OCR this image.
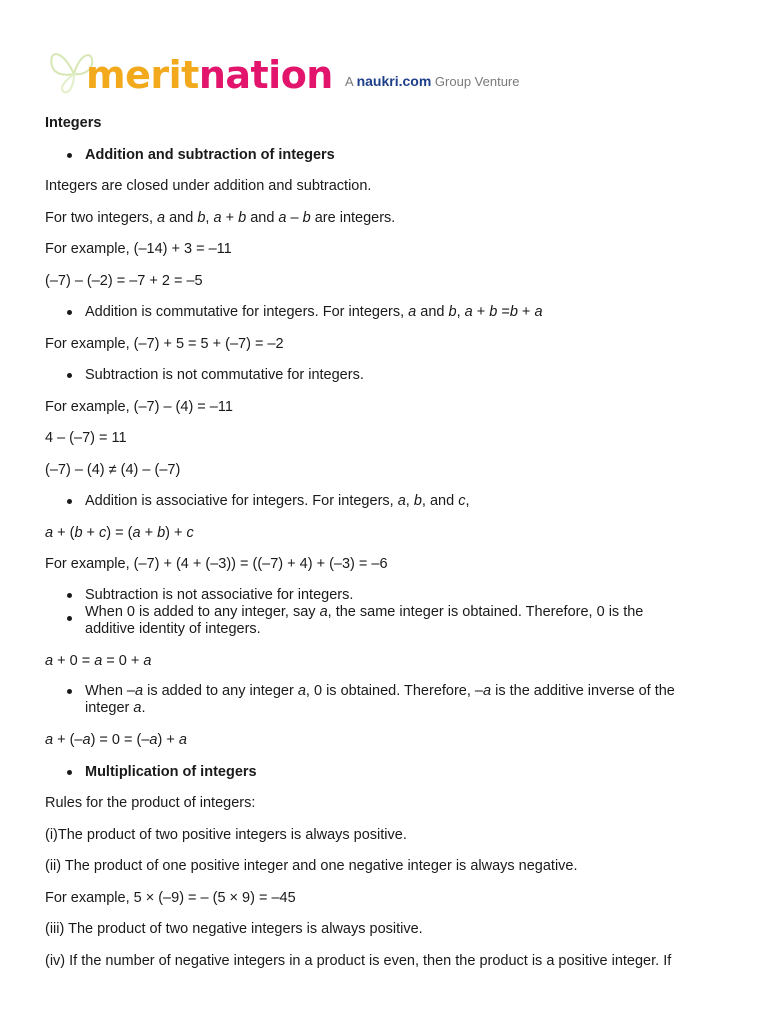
meritnation A naukri.com Group Venture
Integers
Addition and subtraction of integers
Integers are closed under addition and subtraction.
For two integers, a and b, a + b and a – b are integers.
For example, (–14) + 3 = –11
(–7) – (–2) = –7 + 2 = –5
Addition is commutative for integers. For integers, a and b, a + b =b + a
For example, (–7) + 5 = 5 + (–7) = –2
Subtraction is not commutative for integers.
For example, (–7) – (4) = –11
4 – (–7) = 11
(–7) – (4) ≠ (4) – (–7)
Addition is associative for integers. For integers, a, b, and c,
a + (b + c) = (a + b) + c
For example, (–7) + (4 + (–3)) = ((–7) + 4) + (–3) = –6
Subtraction is not associative for integers.
When 0 is added to any integer, say a, the same integer is obtained. Therefore, 0 is the
additive identity of integers.
a + 0 = a = 0 + a
When –a is added to any integer a, 0 is obtained. Therefore, –a is the additive inverse of the
integer a.
a + (–a) = 0 = (–a) + a
Multiplication of integers
Rules for the product of integers:
(i)The product of two positive integers is always positive.
(ii) The product of one positive integer and one negative integer is always negative.
For example, 5 × (–9) = – (5 × 9) = –45
(iii) The product of two negative integers is always positive.
(iv) If the number of negative integers in a product is even, then the product is a positive integer. If
